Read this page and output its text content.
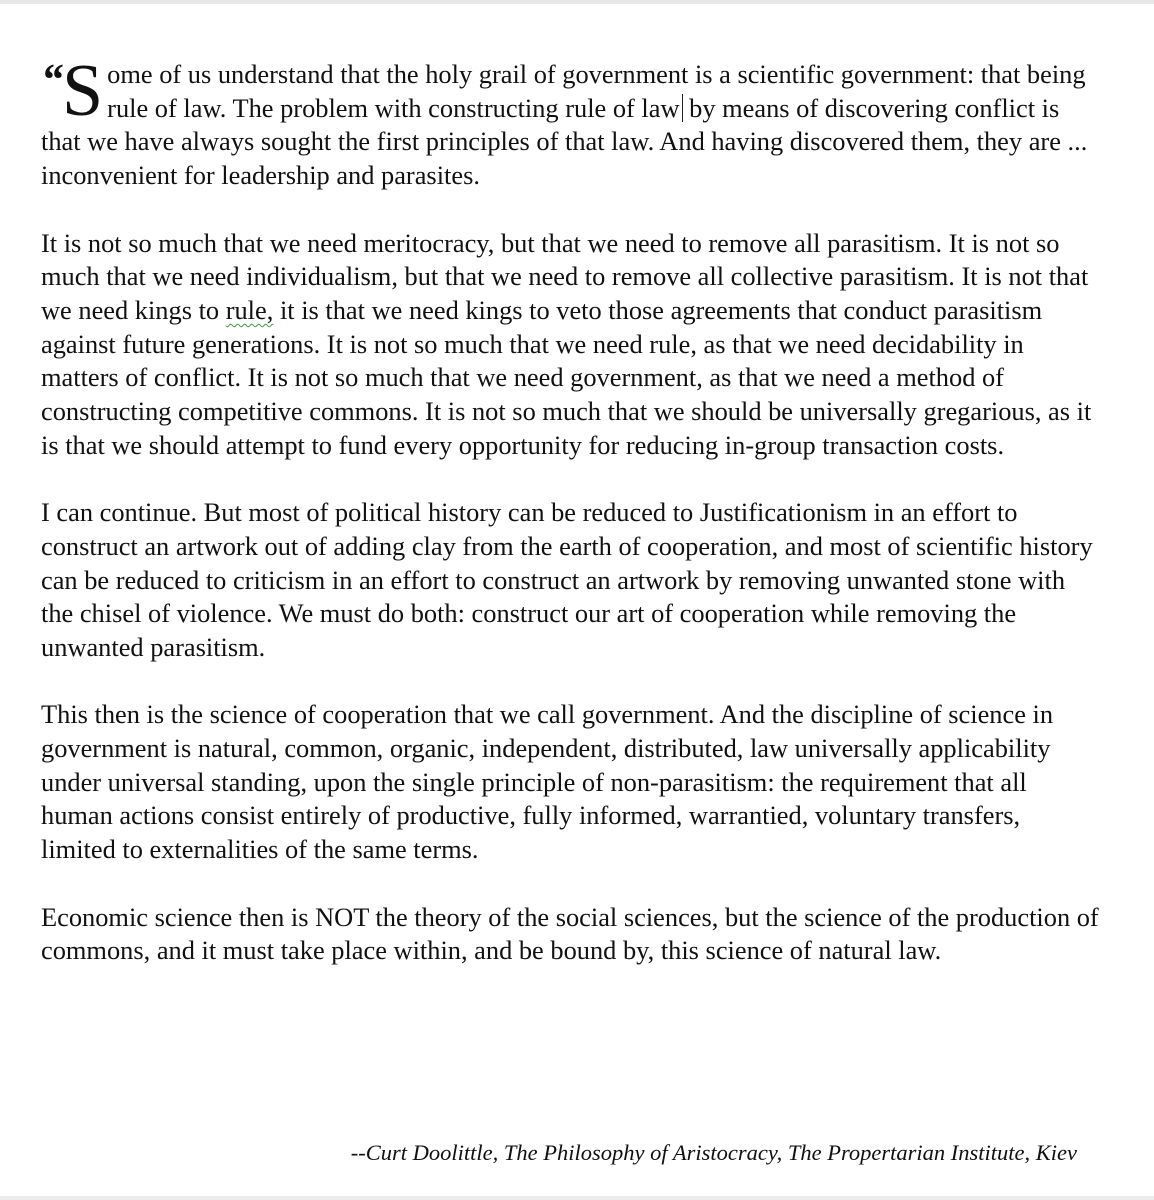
“ S ome of us understand that the holy grail of government is a scientific government: that being rule of law. The problem with constructing rule of law by means of discovering conflict is that we have always sought the first principles of that law. And having discovered them, they are ... inconvenient for leadership and parasites.

It is not so much that we need meritocracy, but that we need to remove all parasitism. It is not so much that we need individualism, but that we need to remove all collective parasitism. It is not that we need kings to rule, it is that we need kings to veto those agreements that conduct parasitism against future generations. It is not so much that we need rule, as that we need decidability in matters of conflict. It is not so much that we need government, as that we need a method of constructing competitive commons. It is not so much that we should be universally gregarious, as it is that we should attempt to fund every opportunity for reducing in-group transaction costs.

I can continue. But most of political history can be reduced to Justificationism in an effort to construct an artwork out of adding clay from the earth of cooperation, and most of scientific history can be reduced to criticism in an effort to construct an artwork by removing unwanted stone with the chisel of violence. We must do both: construct our art of cooperation while removing the unwanted parasitism.

This then is the science of cooperation that we call government. And the discipline of science in government is natural, common, organic, independent, distributed, law universally applicability under universal standing, upon the single principle of non-parasitism: the requirement that all human actions consist entirely of productive, fully informed, warrantied, voluntary transfers, limited to externalities of the same terms.

Economic science then is NOT the theory of the social sciences, but the science of the production of commons, and it must take place within, and be bound by, this science of natural law.

--Curt Doolittle, The Philosophy of Aristocracy, The Propertarian Institute, Kiev
